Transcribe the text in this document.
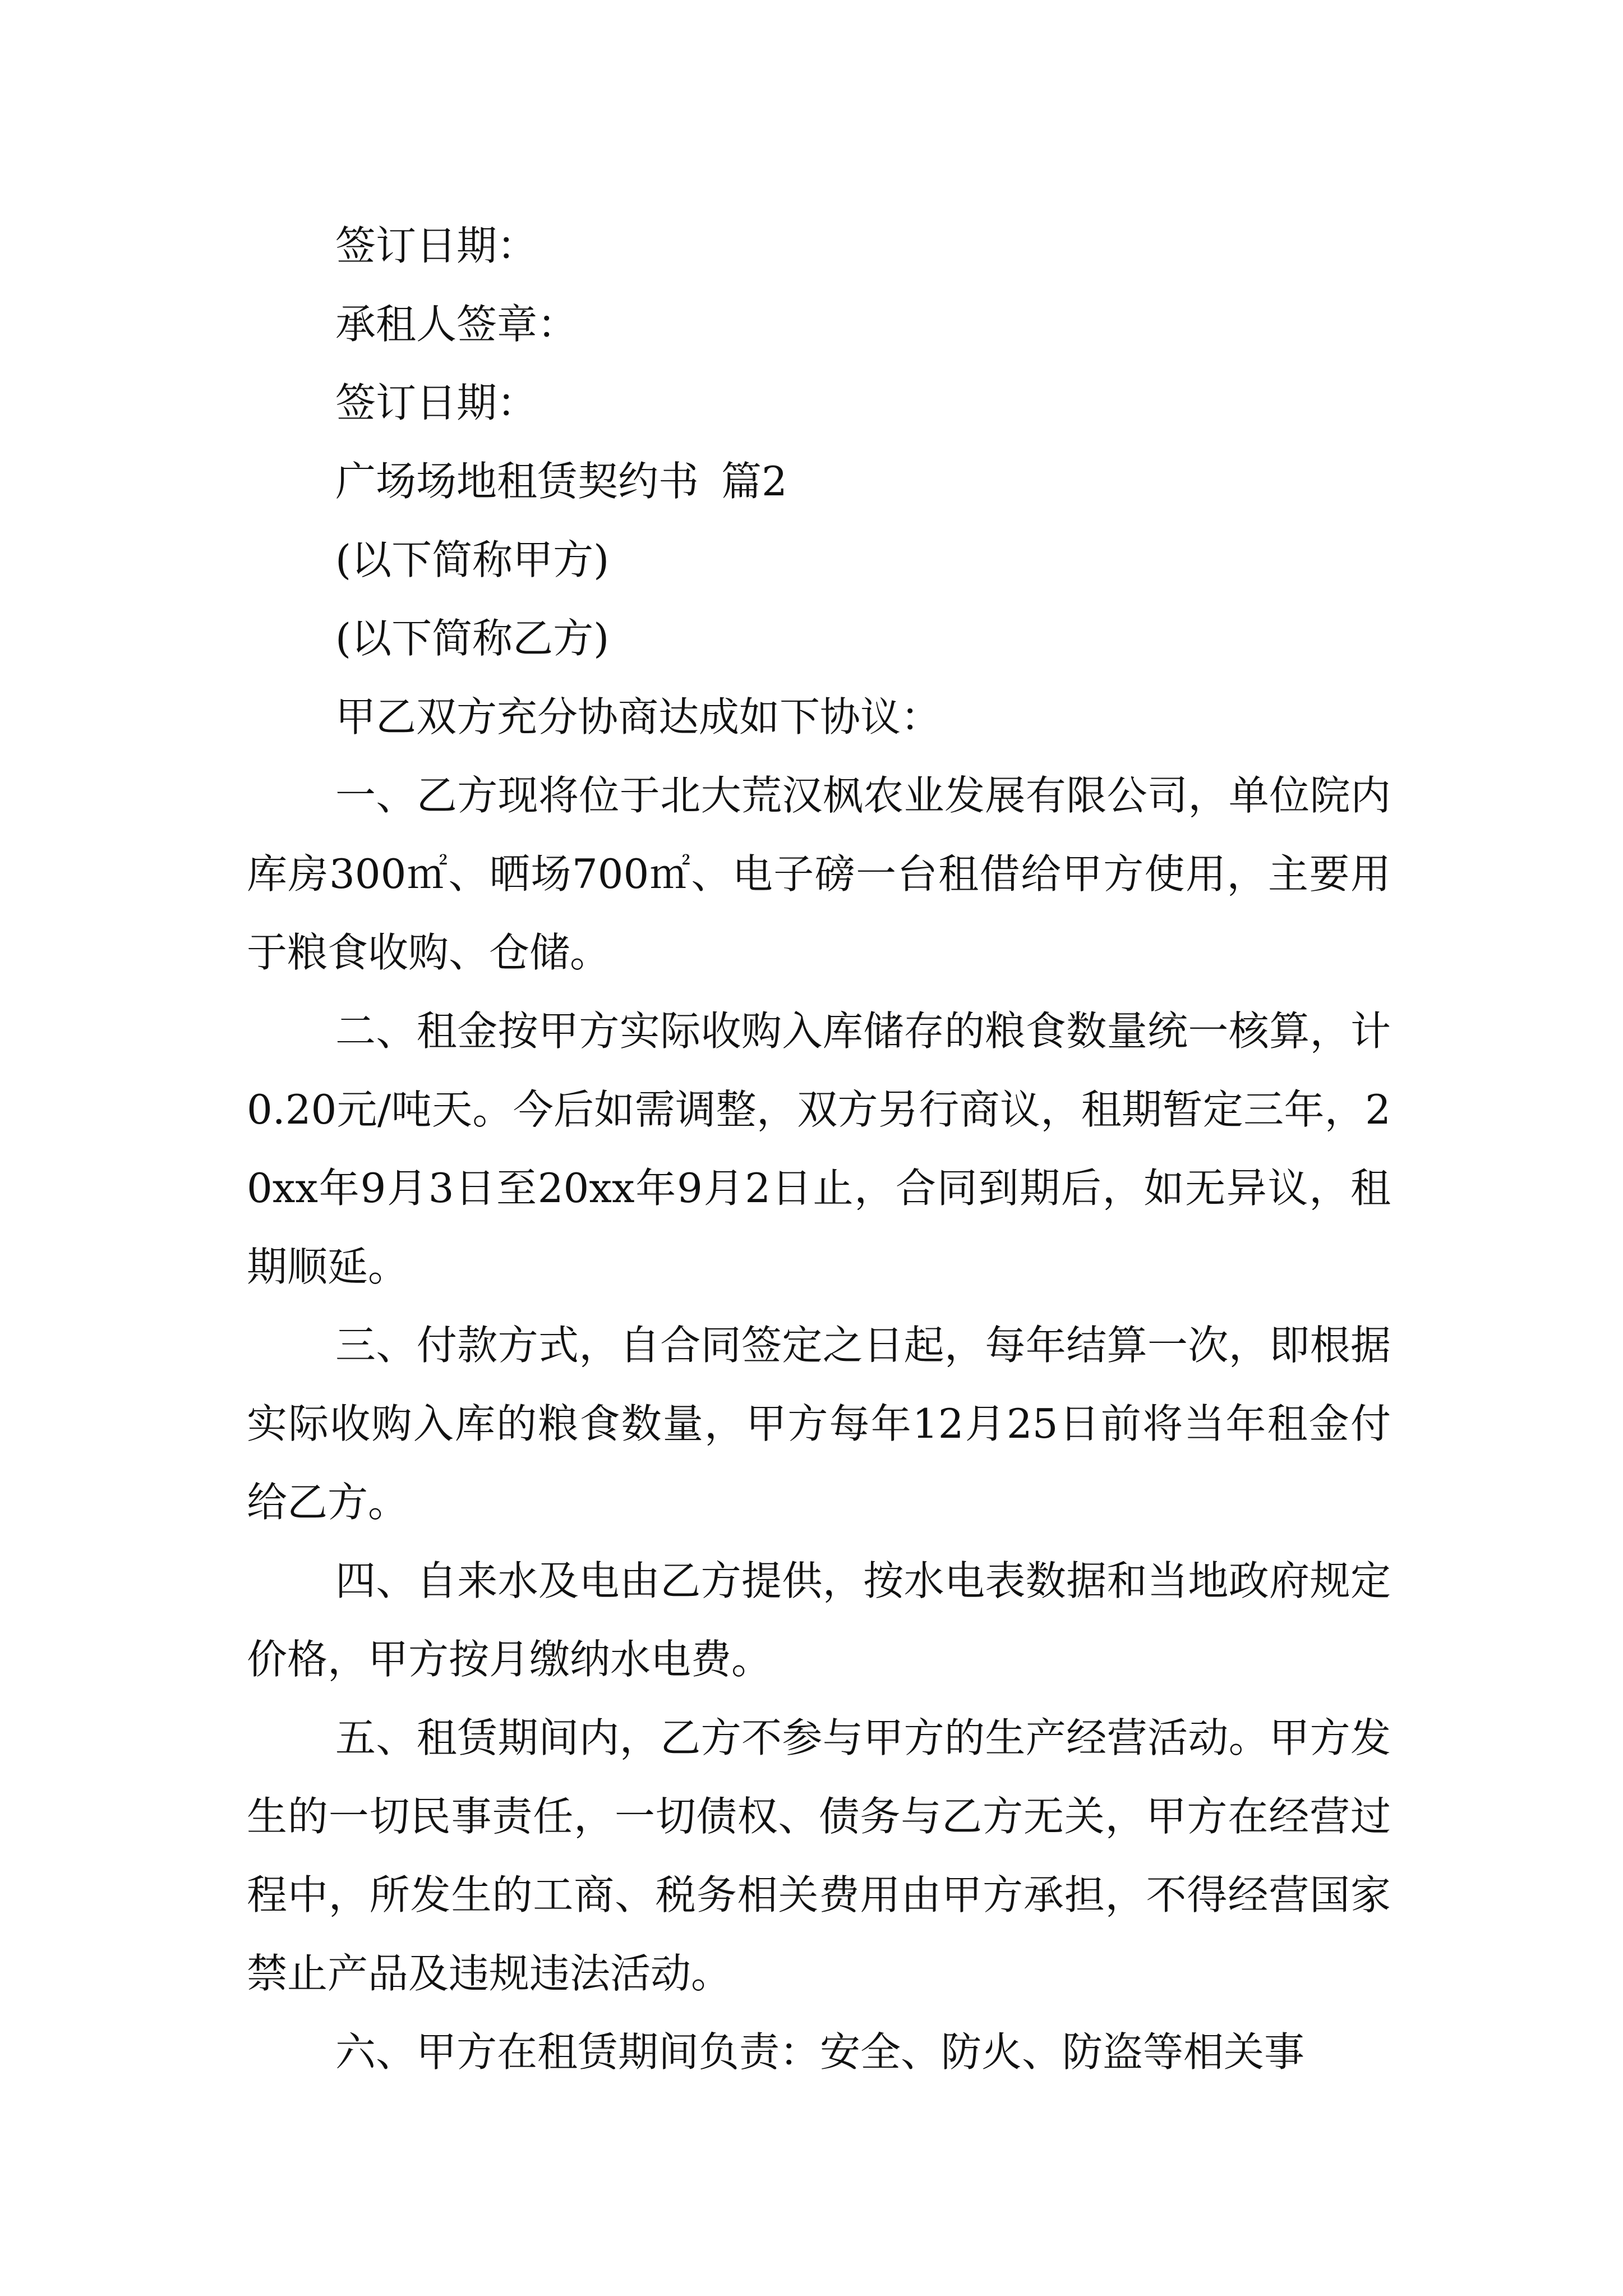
签订日期：

承租人签章：

签订日期：

广场场地租赁契约书 篇2

(以下简称甲方)

(以下简称乙方)

甲乙双方充分协商达成如下协议：

一、乙方现将位于北大荒汉枫农业发展有限公司，单位院内库房300㎡、晒场700㎡、电子磅一台租借给甲方使用，主要用于粮食收购、仓储。

二、租金按甲方实际收购入库储存的粮食数量统一核算，计0.20元/吨天。今后如需调整，双方另行商议，租期暂定三年，20xx年9月3日至20xx年9月2日止，合同到期后，如无异议，租期顺延。

三、付款方式，自合同签定之日起，每年结算一次，即根据实际收购入库的粮食数量，甲方每年12月25日前将当年租金付给乙方。

四、自来水及电由乙方提供，按水电表数据和当地政府规定价格，甲方按月缴纳水电费。

五、租赁期间内，乙方不参与甲方的生产经营活动。甲方发生的一切民事责任，一切债权、债务与乙方无关，甲方在经营过程中，所发生的工商、税务相关费用由甲方承担，不得经营国家禁止产品及违规违法活动。

六、甲方在租赁期间负责：安全、防火、防盗等相关事
